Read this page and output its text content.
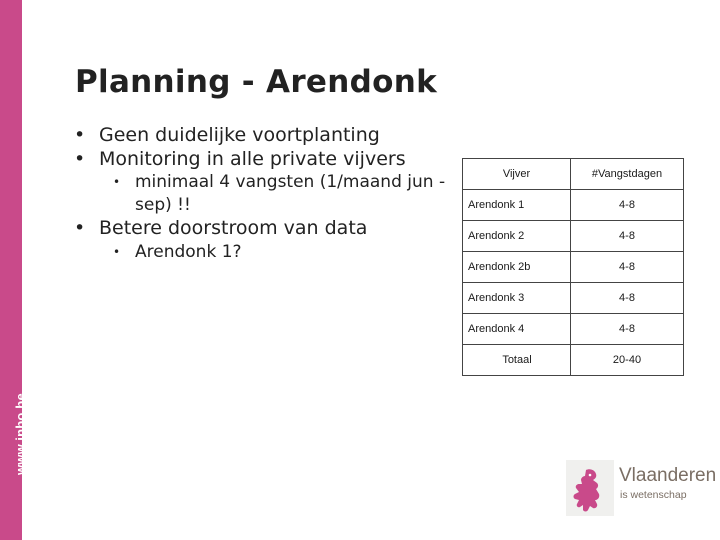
www.inbo.be
Planning - Arendonk
• Geen duidelijke voortplanting
• Monitoring in alle private vijvers
• minimaal 4 vangsten (1/maand jun - sep) !!
• Betere doorstroom van data
• Arendonk 1?
Vijver	#Vangstdagen
Arendonk 1	4-8
Arendonk 2	4-8
Arendonk 2b	4-8
Arendonk 3	4-8
Arendonk 4	4-8
Totaal	20-40
Vlaanderen
is wetenschap
